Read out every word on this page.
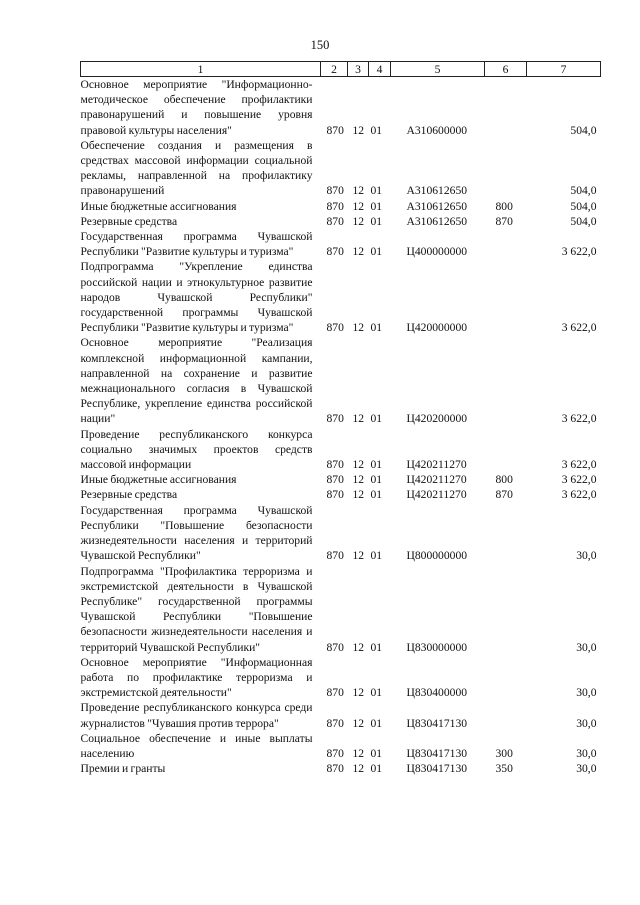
150
1	2	3	4	5	6	7
Основное мероприятие "Информационно-методическое обеспечение профилактики правонарушений и повышение уровня правовой культуры населения"	870	12	01	А310600000		504,0
Обеспечение создания и размещения в средствах массовой информации социальной рекламы, направленной на профилактику правонарушений	870	12	01	А310612650		504,0
Иные бюджетные ассигнования	870	12	01	А310612650	800	504,0
Резервные средства	870	12	01	А310612650	870	504,0
Государственная программа Чувашской Республики "Развитие культуры и туризма"	870	12	01	Ц400000000		3 622,0
Подпрограмма "Укрепление единства российской нации и этнокультурное развитие народов Чувашской Республики" государственной программы Чувашской Республики "Развитие культуры и туризма"	870	12	01	Ц420000000		3 622,0
Основное мероприятие "Реализация комплексной информационной кампании, направленной на сохранение и развитие межнационального согласия в Чувашской Республике, укрепление единства российской нации"	870	12	01	Ц420200000		3 622,0
Проведение республиканского конкурса социально значимых проектов средств массовой информации	870	12	01	Ц420211270		3 622,0
Иные бюджетные ассигнования	870	12	01	Ц420211270	800	3 622,0
Резервные средства	870	12	01	Ц420211270	870	3 622,0
Государственная программа Чувашской Республики "Повышение безопасности жизнедеятельности населения и территорий Чувашской Республики"	870	12	01	Ц800000000		30,0
Подпрограмма "Профилактика терроризма и экстремистской деятельности в Чувашской Республике" государственной программы Чувашской Республики "Повышение безопасности жизнедеятельности населения и территорий Чувашской Республики"	870	12	01	Ц830000000		30,0
Основное мероприятие "Информационная работа по профилактике терроризма и экстремистской деятельности"	870	12	01	Ц830400000		30,0
Проведение республиканского конкурса среди журналистов "Чувашия против террора"	870	12	01	Ц830417130		30,0
Социальное обеспечение и иные выплаты населению	870	12	01	Ц830417130	300	30,0
Премии и гранты	870	12	01	Ц830417130	350	30,0
